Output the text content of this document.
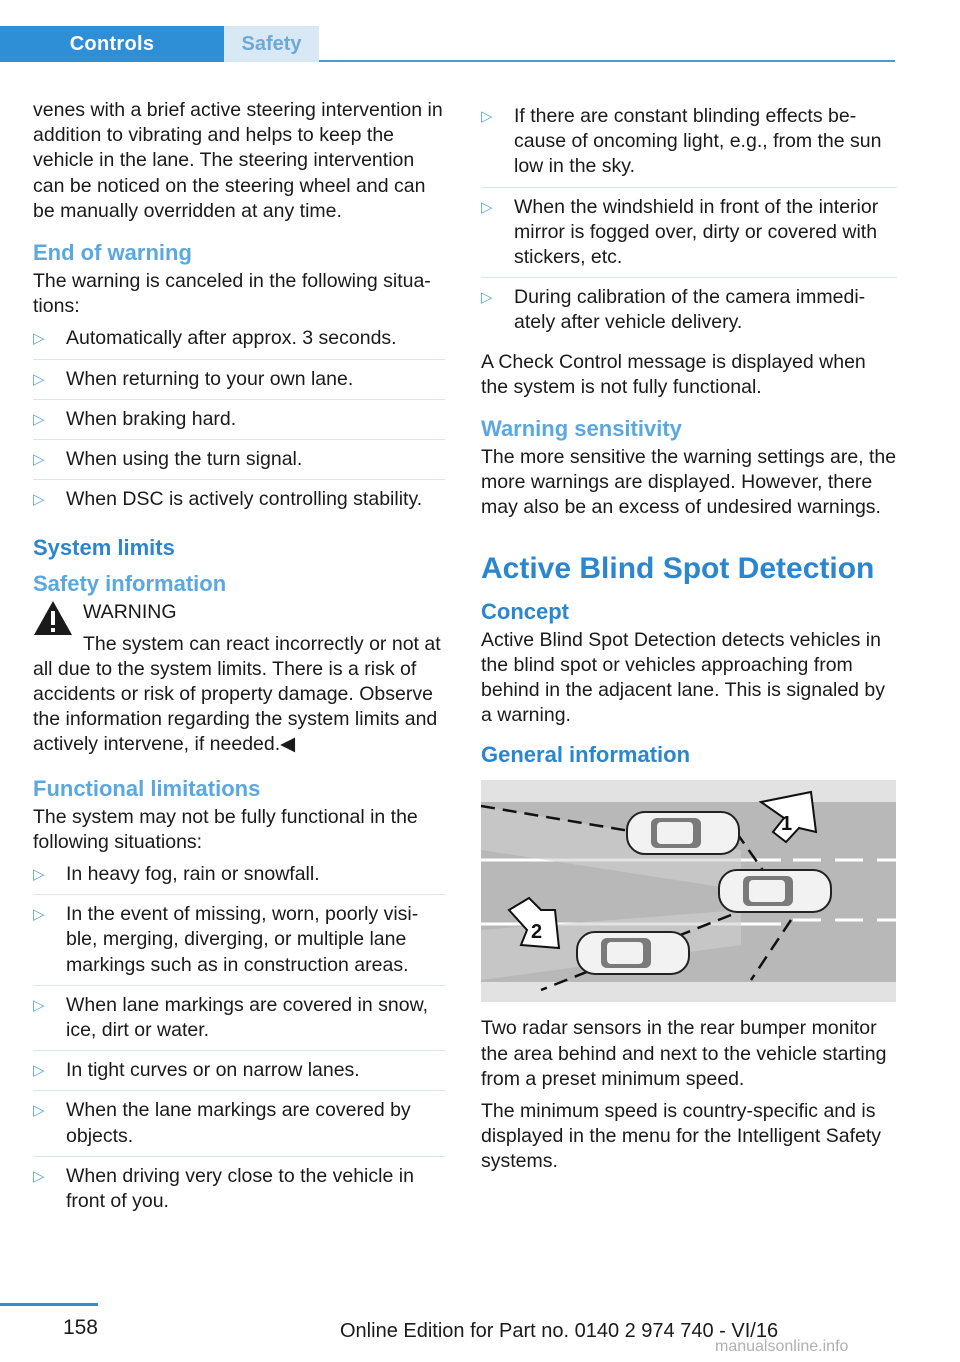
Controls	Safety

venes with a brief active steering intervention in addition to vibrating and helps to keep the vehicle in the lane. The steering intervention can be noticed on the steering wheel and can be manually overridden at any time.

End of warning

The warning is canceled in the following situa‐tions:

▷ Automatically after approx. 3 seconds.
▷ When returning to your own lane.
▷ When braking hard.
▷ When using the turn signal.
▷ When DSC is actively controlling stability.
System limits
Safety information
WARNING
The system can react incorrectly or not at all due to the system limits. There is a risk of accidents or risk of property damage. Observe the information regarding the system limits and actively intervene, if needed.◀
Functional limitations

The system may not be fully functional in the following situations:

▷ In heavy fog, rain or snowfall.
▷ In the event of missing, worn, poorly visi‐ble, merging, diverging, or multiple lane markings such as in construction areas.
▷ When lane markings are covered in snow, ice, dirt or water.
▷ In tight curves or on narrow lanes.
▷ When the lane markings are covered by objects.
▷ When driving very close to the vehicle in front of you.
▷ If there are constant blinding effects be‐cause of oncoming light, e.g., from the sun low in the sky.
▷ When the windshield in front of the interior mirror is fogged over, dirty or covered with stickers, etc.
▷ During calibration of the camera immedi‐ately after vehicle delivery.

A Check Control message is displayed when the system is not fully functional.

Warning sensitivity

The more sensitive the warning settings are, the more warnings are displayed. However, there may also be an excess of undesired warnings.

Active Blind Spot Detection
Concept

Active Blind Spot Detection detects vehicles in the blind spot or vehicles approaching from behind in the adjacent lane. This is signaled by a warning.

General information
1
2

Two radar sensors in the rear bumper monitor the area behind and next to the vehicle starting from a preset minimum speed.

The minimum speed is country-specific and is displayed in the menu for the Intelligent Safety systems.

158	Online Edition for Part no. 0140 2 974 740 - VI/16
manualsonline.info
